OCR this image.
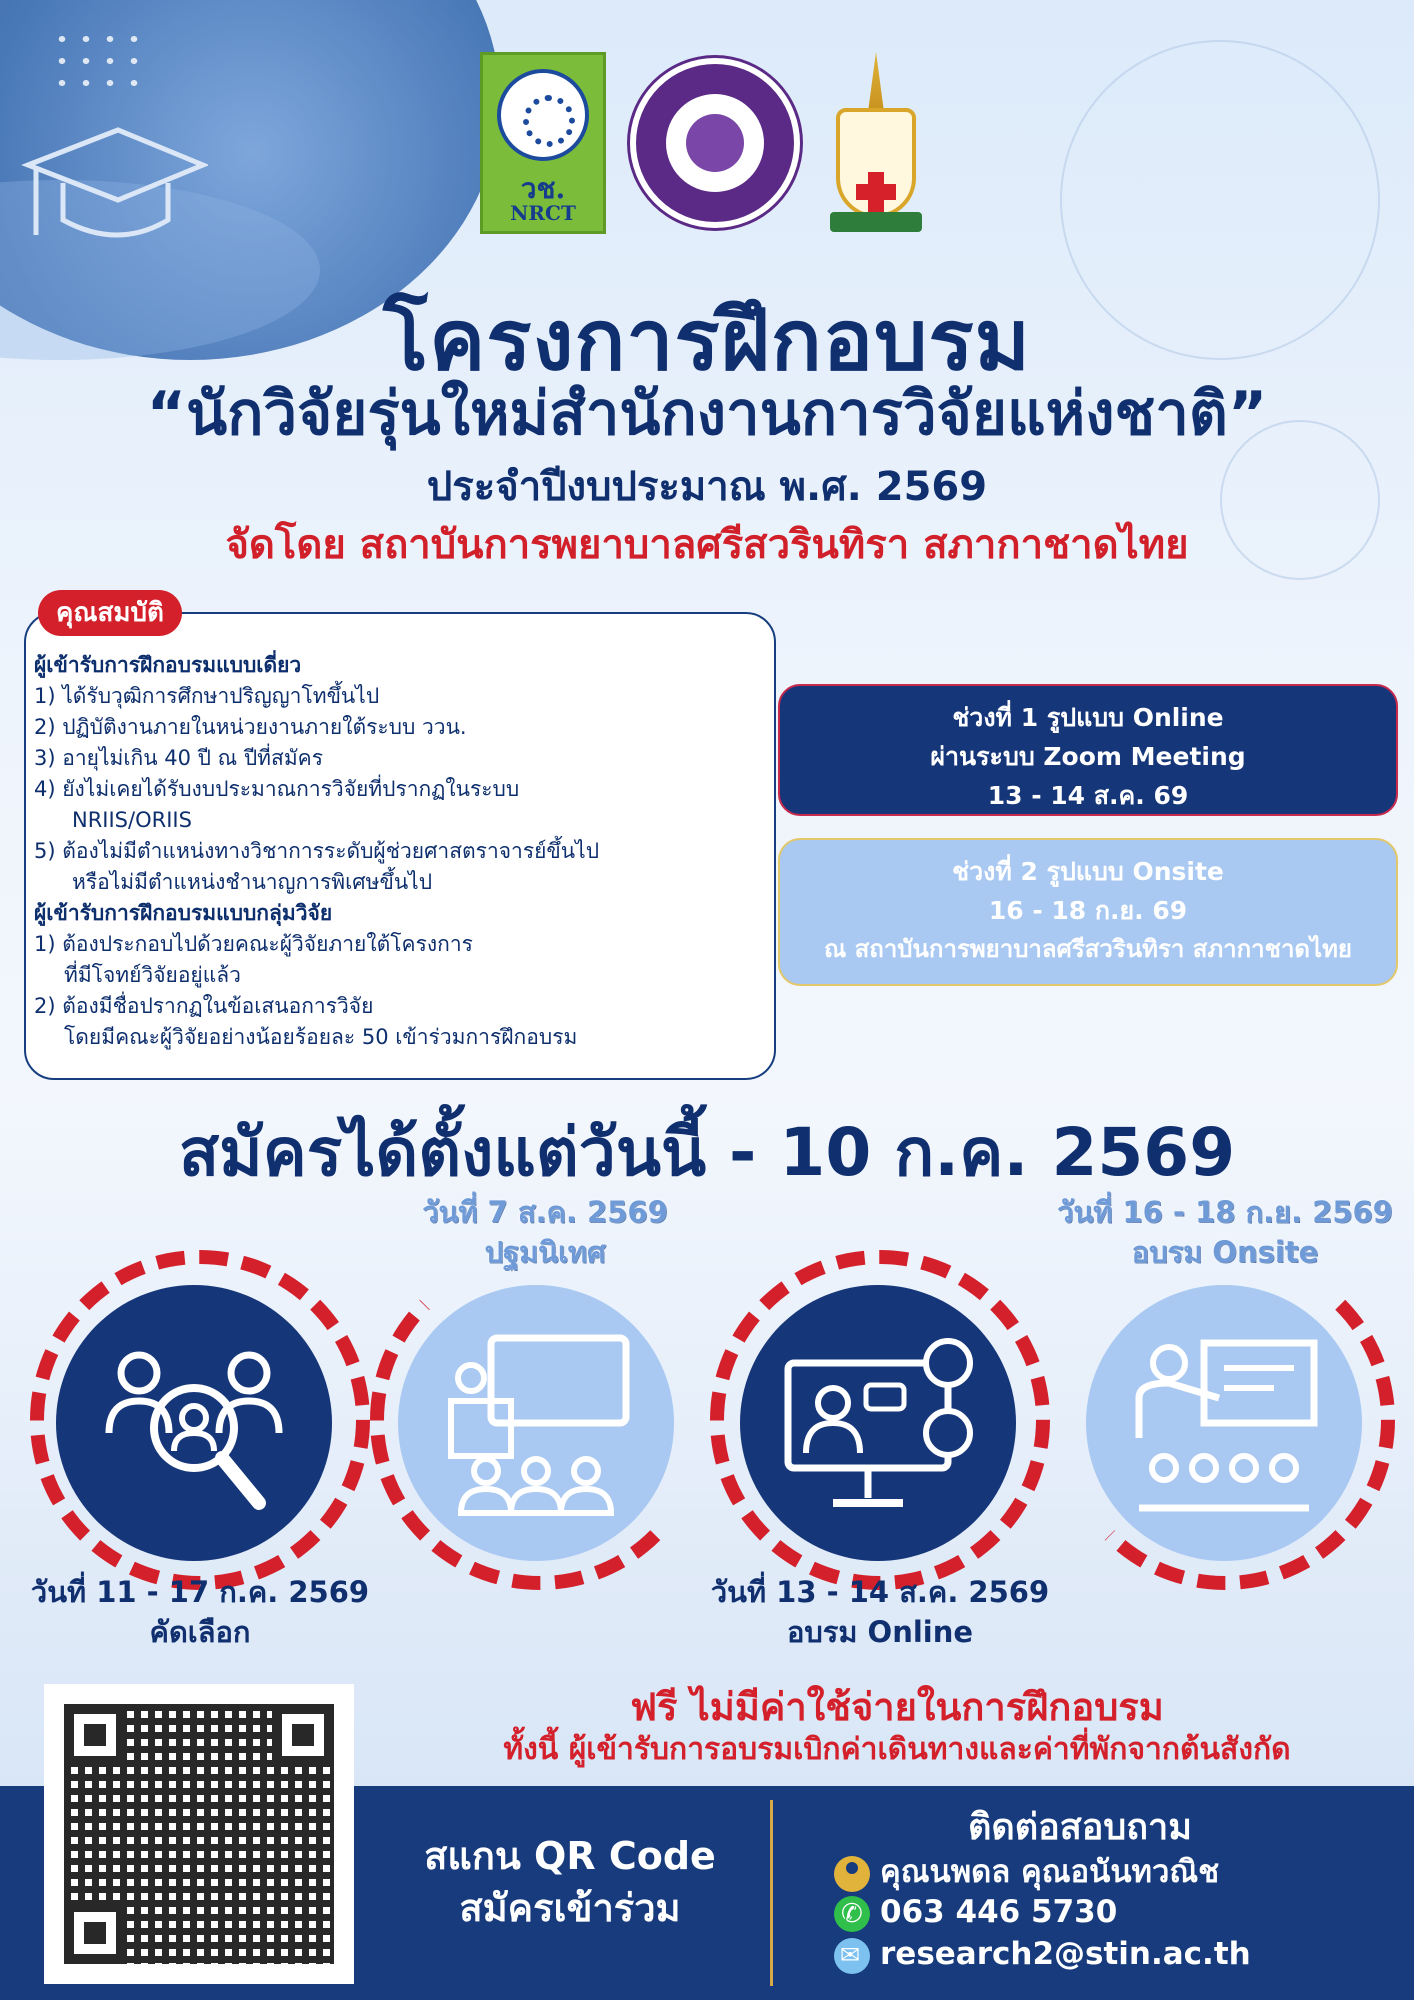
วช.
NRCT
โครงการฝึกอบรม
“นักวิจัยรุ่นใหม่สำนักงานการวิจัยแห่งชาติ”
ประจำปีงบประมาณ พ.ศ. 2569
จัดโดย สถาบันการพยาบาลศรีสวรินทิรา สภากาชาดไทย
คุณสมบัติ
ผู้เข้ารับการฝึกอบรมแบบเดี่ยว
1) ได้รับวุฒิการศึกษาปริญญาโทขึ้นไป
2) ปฏิบัติงานภายในหน่วยงานภายใต้ระบบ ววน.
3) อายุไม่เกิน 40 ปี ณ ปีที่สมัคร
4) ยังไม่เคยได้รับงบประมาณการวิจัยที่ปรากฏในระบบ
NRIIS/ORIIS
5) ต้องไม่มีตำแหน่งทางวิชาการระดับผู้ช่วยศาสตราจารย์ขึ้นไป
หรือไม่มีตำแหน่งชำนาญการพิเศษขึ้นไป
ผู้เข้ารับการฝึกอบรมแบบกลุ่มวิจัย
1) ต้องประกอบไปด้วยคณะผู้วิจัยภายใต้โครงการ
ที่มีโจทย์วิจัยอยู่แล้ว
2) ต้องมีชื่อปรากฏในข้อเสนอการวิจัย
โดยมีคณะผู้วิจัยอย่างน้อยร้อยละ 50 เข้าร่วมการฝึกอบรม
ช่วงที่ 1 รูปแบบ Online
ผ่านระบบ Zoom Meeting
13 - 14 ส.ค. 69
ช่วงที่ 2 รูปแบบ Onsite
16 - 18 ก.ย. 69
ณ สถาบันการพยาบาลศรีสวรินทิรา สภากาชาดไทย
สมัครได้ตั้งแต่วันนี้ - 10 ก.ค. 2569
วันที่ 11 - 17 ก.ค. 2569
คัดเลือก
วันที่ 7 ส.ค. 2569
ปฐมนิเทศ
วันที่ 13 - 14 ส.ค. 2569
อบรม Online
วันที่ 16 - 18 ก.ย. 2569
อบรม Onsite
ฟรี ไม่มีค่าใช้จ่ายในการฝึกอบรม
ทั้งนี้ ผู้เข้ารับการอบรมเบิกค่าเดินทางและค่าที่พักจากต้นสังกัด
สแกน QR Code
สมัครเข้าร่วม
ติดต่อสอบถาม
คุณนพดล คุณอนันทวณิช
✆063 446 5730
✉research2@stin.ac.th
